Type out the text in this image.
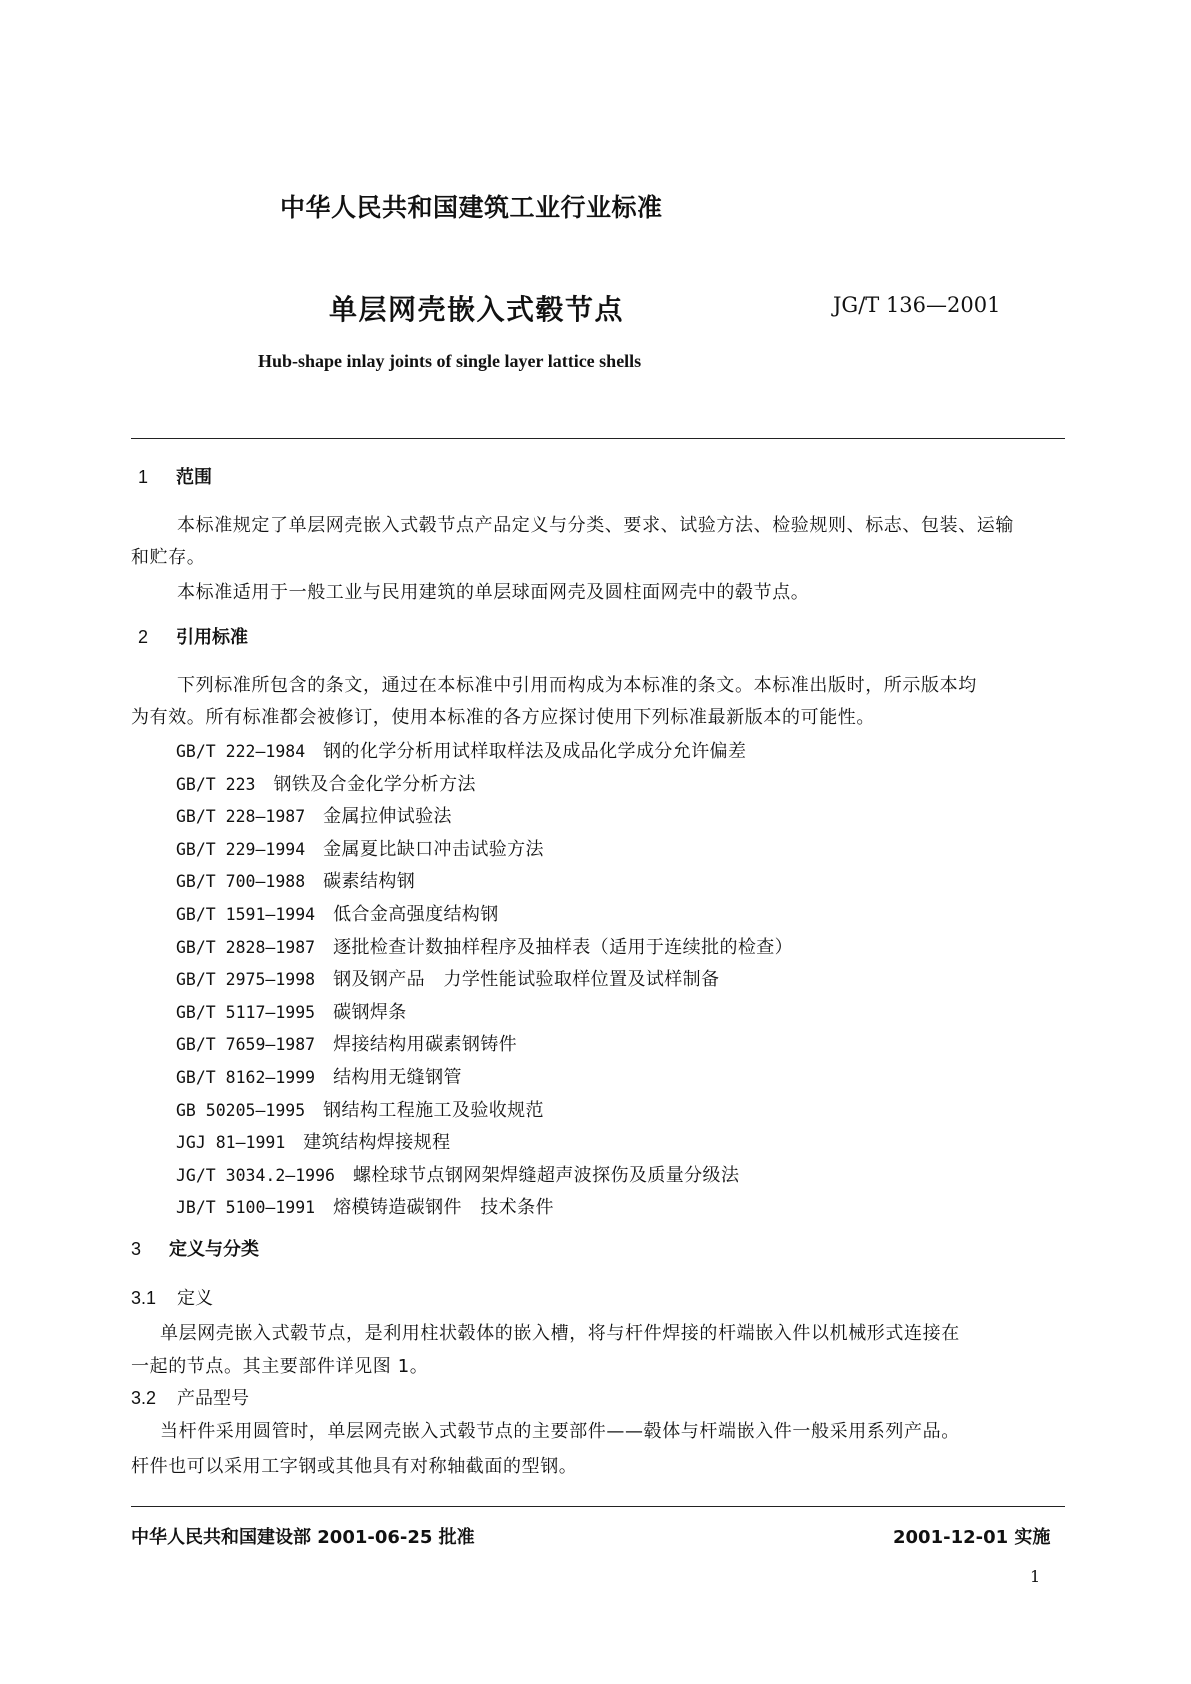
中华人民共和国建筑工业行业标准
单层网壳嵌入式毂节点	JG/T 136—2001
Hub-shape inlay joints of single layer lattice shells
1 范围
本标准规定了单层网壳嵌入式毂节点产品定义与分类、要求、试验方法、检验规则、标志、包装、运输
和贮存。
本标准适用于一般工业与民用建筑的单层球面网壳及圆柱面网壳中的毂节点。
2 引用标准
下列标准所包含的条文，通过在本标准中引用而构成为本标准的条文。本标准出版时，所示版本均
为有效。所有标准都会被修订，使用本标准的各方应探讨使用下列标准最新版本的可能性。
GB/T 222—1984 钢的化学分析用试样取样法及成品化学成分允许偏差
GB/T 223 钢铁及合金化学分析方法
GB/T 228—1987 金属拉伸试验法
GB/T 229—1994 金属夏比缺口冲击试验方法
GB/T 700—1988 碳素结构钢
GB/T 1591—1994 低合金高强度结构钢
GB/T 2828—1987 逐批检查计数抽样程序及抽样表（适用于连续批的检查）
GB/T 2975—1998 钢及钢产品　力学性能试验取样位置及试样制备
GB/T 5117—1995 碳钢焊条
GB/T 7659—1987 焊接结构用碳素钢铸件
GB/T 8162—1999 结构用无缝钢管
GB 50205—1995 钢结构工程施工及验收规范
JGJ 81—1991 建筑结构焊接规程
JG/T 3034.2—1996 螺栓球节点钢网架焊缝超声波探伤及质量分级法
JB/T 5100—1991 熔模铸造碳钢件　技术条件
3 定义与分类
3.1 定义
单层网壳嵌入式毂节点，是利用柱状毂体的嵌入槽，将与杆件焊接的杆端嵌入件以机械形式连接在
一起的节点。其主要部件详见图 1。
3.2 产品型号
当杆件采用圆管时，单层网壳嵌入式毂节点的主要部件——毂体与杆端嵌入件一般采用系列产品。
杆件也可以采用工字钢或其他具有对称轴截面的型钢。
中华人民共和国建设部 2001-06-25 批准	2001-12-01 实施
1
